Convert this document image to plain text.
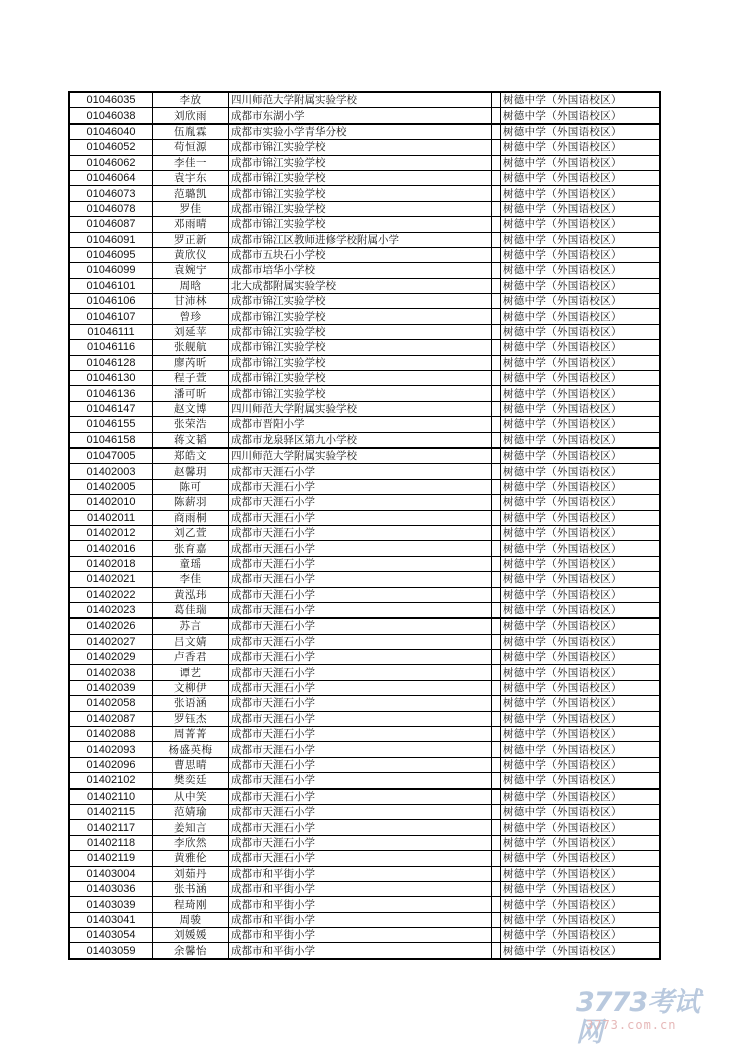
01046035	李放	四川师范大学附属实验学校		树德中学（外国语校区）
01046038	刘欣雨	成都市东湖小学		树德中学（外国语校区）
01046040	伍胤霖	成都市实验小学青华分校		树德中学（外国语校区）
01046052	苟恒源	成都市锦江实验学校		树德中学（外国语校区）
01046062	李佳一	成都市锦江实验学校		树德中学（外国语校区）
01046064	袁宇东	成都市锦江实验学校		树德中学（外国语校区）
01046073	范璐凯	成都市锦江实验学校		树德中学（外国语校区）
01046078	罗佳	成都市锦江实验学校		树德中学（外国语校区）
01046087	邓雨晴	成都市锦江实验学校		树德中学（外国语校区）
01046091	罗正新	成都市锦江区教师进修学校附属小学		树德中学（外国语校区）
01046095	黄欣仪	成都市五块石小学校		树德中学（外国语校区）
01046099	袁婉宁	成都市培华小学校		树德中学（外国语校区）
01046101	周晗	北大成都附属实验学校		树德中学（外国语校区）
01046106	甘沛林	成都市锦江实验学校		树德中学（外国语校区）
01046107	曾珍	成都市锦江实验学校		树德中学（外国语校区）
01046111	刘延苹	成都市锦江实验学校		树德中学（外国语校区）
01046116	张舰航	成都市锦江实验学校		树德中学（外国语校区）
01046128	廖芮昕	成都市锦江实验学校		树德中学（外国语校区）
01046130	程子萱	成都市锦江实验学校		树德中学（外国语校区）
01046136	潘可昕	成都市锦江实验学校		树德中学（外国语校区）
01046147	赵文博	四川师范大学附属实验学校		树德中学（外国语校区）
01046155	张荣浩	成都市晋阳小学		树德中学（外国语校区）
01046158	蒋文韬	成都市龙泉驿区第九小学校		树德中学（外国语校区）
01047005	郑皓文	四川师范大学附属实验学校		树德中学（外国语校区）
01402003	赵馨玥	成都市天涯石小学		树德中学（外国语校区）
01402005	陈可	成都市天涯石小学		树德中学（外国语校区）
01402010	陈薪羽	成都市天涯石小学		树德中学（外国语校区）
01402011	商雨桐	成都市天涯石小学		树德中学（外国语校区）
01402012	刘乙萱	成都市天涯石小学		树德中学（外国语校区）
01402016	张育嘉	成都市天涯石小学		树德中学（外国语校区）
01402018	童瑶	成都市天涯石小学		树德中学（外国语校区）
01402021	李佳	成都市天涯石小学		树德中学（外国语校区）
01402022	黄泓玮	成都市天涯石小学		树德中学（外国语校区）
01402023	葛佳瑞	成都市天涯石小学		树德中学（外国语校区）
01402026	苏言	成都市天涯石小学		树德中学（外国语校区）
01402027	吕文婧	成都市天涯石小学		树德中学（外国语校区）
01402029	卢香君	成都市天涯石小学		树德中学（外国语校区）
01402038	谭艺	成都市天涯石小学		树德中学（外国语校区）
01402039	文柳伊	成都市天涯石小学		树德中学（外国语校区）
01402058	张语涵	成都市天涯石小学		树德中学（外国语校区）
01402087	罗钰杰	成都市天涯石小学		树德中学（外国语校区）
01402088	周菁菁	成都市天涯石小学		树德中学（外国语校区）
01402093	杨盛英梅	成都市天涯石小学		树德中学（外国语校区）
01402096	曹思晴	成都市天涯石小学		树德中学（外国语校区）
01402102	樊奕廷	成都市天涯石小学		树德中学（外国语校区）
01402110	从中笑	成都市天涯石小学		树德中学（外国语校区）
01402115	范婧瑜	成都市天涯石小学		树德中学（外国语校区）
01402117	姜知言	成都市天涯石小学		树德中学（外国语校区）
01402118	李欣然	成都市天涯石小学		树德中学（外国语校区）
01402119	黄雅伦	成都市天涯石小学		树德中学（外国语校区）
01403004	刘茹丹	成都市和平街小学		树德中学（外国语校区）
01403036	张书涵	成都市和平街小学		树德中学（外国语校区）
01403039	程琦刚	成都市和平街小学		树德中学（外国语校区）
01403041	周骏	成都市和平街小学		树德中学（外国语校区）
01403054	刘媛媛	成都市和平街小学		树德中学（外国语校区）
01403059	余馨怡	成都市和平街小学		树德中学（外国语校区）
3773考试网
3773.com.cn
